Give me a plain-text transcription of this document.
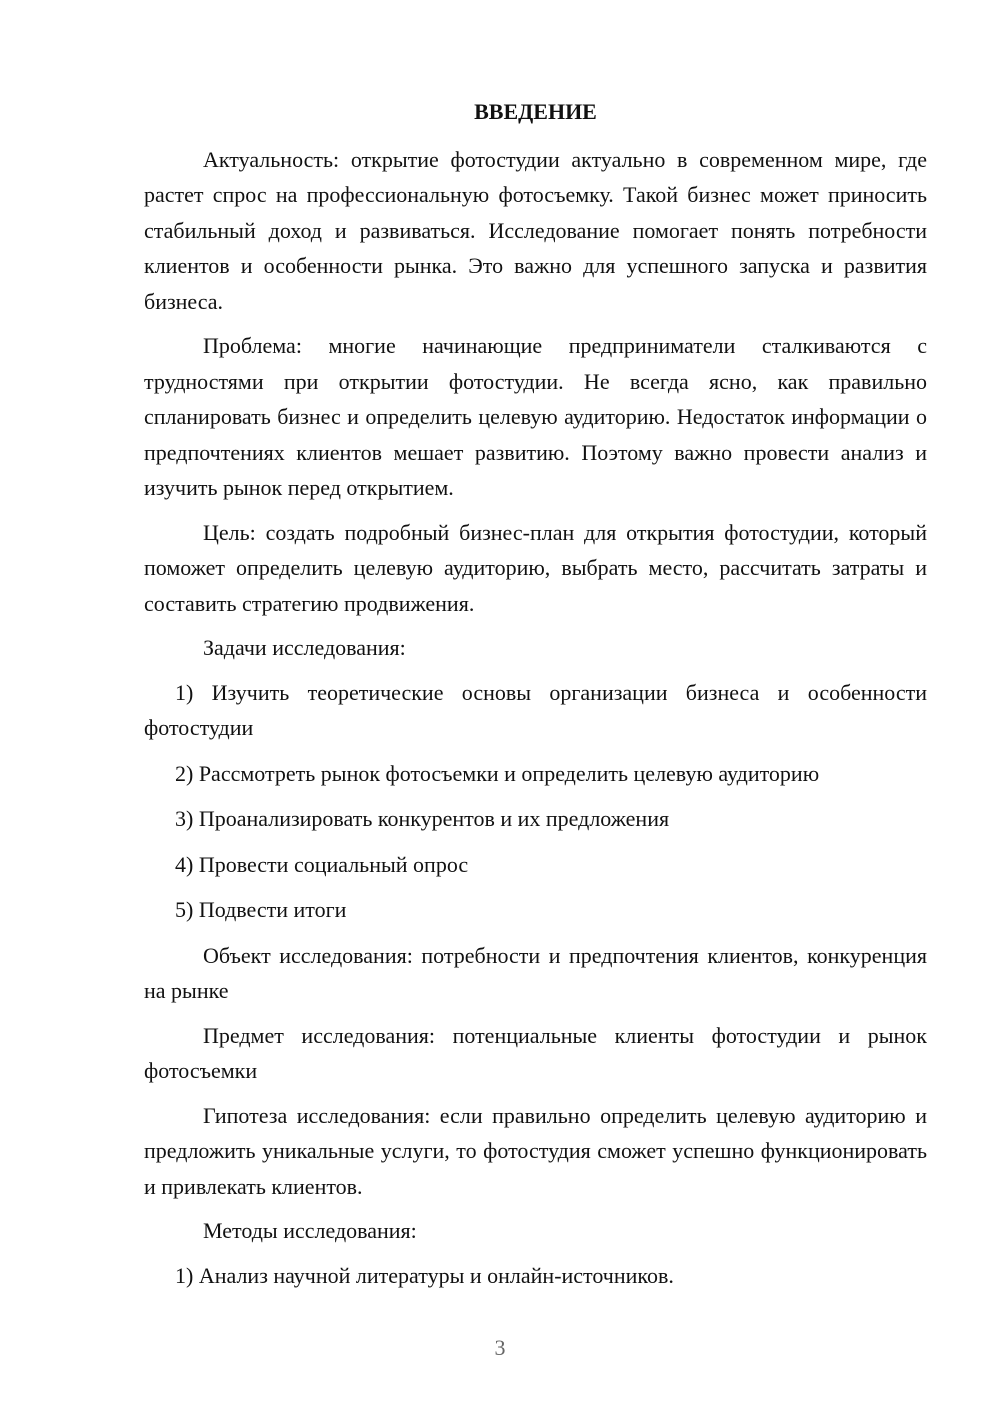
ВВЕДЕНИЕ

Актуальность: открытие фотостудии актуально в современном мире, где растет спрос на профессиональную фотосъемку. Такой бизнес может приносить стабильный доход и развиваться. Исследование помогает понять потребности клиентов и особенности рынка. Это важно для успешного запуска и развития бизнеса.

Проблема: многие начинающие предприниматели сталкиваются с трудностями при открытии фотостудии. Не всегда ясно, как правильно спланировать бизнес и определить целевую аудиторию. Недостаток информации о предпочтениях клиентов мешает развитию. Поэтому важно провести анализ и изучить рынок перед открытием.

Цель: создать подробный бизнес-план для открытия фотостудии, который поможет определить целевую аудиторию, выбрать место, рассчитать затраты и составить стратегию продвижения.

Задачи исследования:

1) Изучить теоретические основы организации бизнеса и особенности фотостудии

2) Рассмотреть рынок фотосъемки и определить целевую аудиторию

3) Проанализировать конкурентов и их предложения

4) Провести социальный опрос

5) Подвести итоги

Объект исследования: потребности и предпочтения клиентов, конкуренция на рынке

Предмет исследования: потенциальные клиенты фотостудии и рынок фотосъемки

Гипотеза исследования: если правильно определить целевую аудиторию и предложить уникальные услуги, то фотостудия сможет успешно функционировать и привлекать клиентов.

Методы исследования:

1) Анализ научной литературы и онлайн-источников.

3
